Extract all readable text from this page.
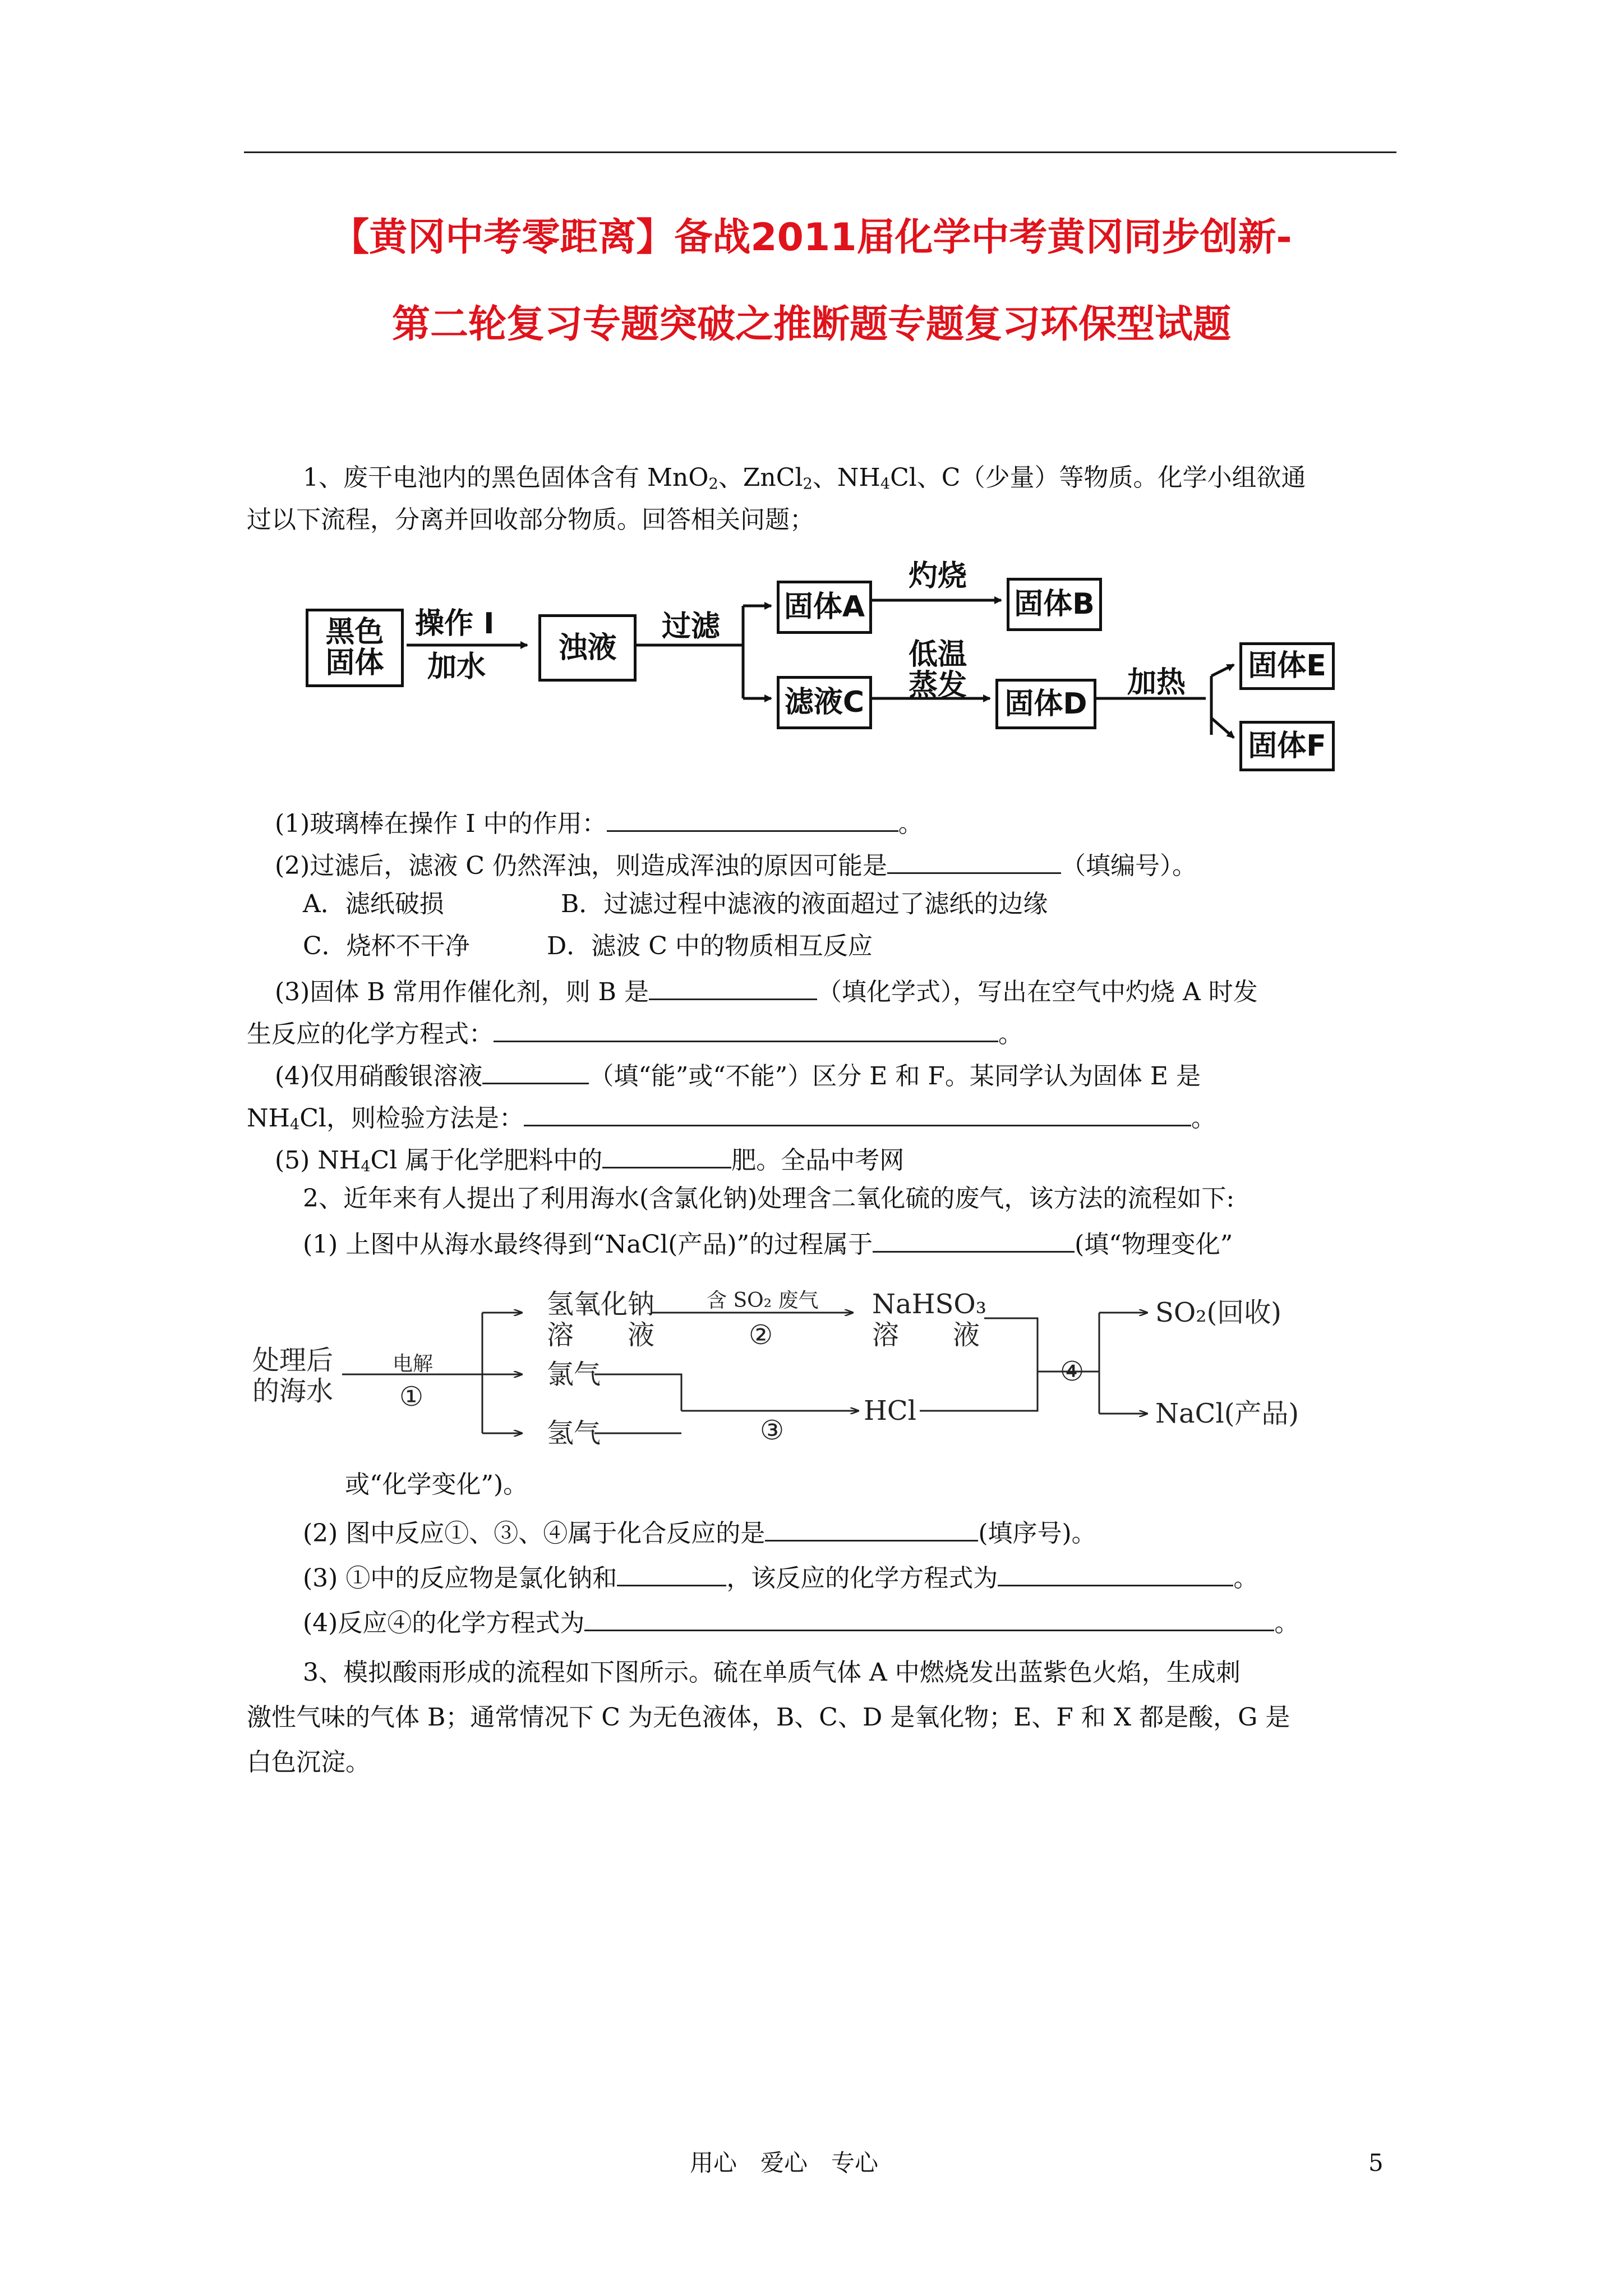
【黄冈中考零距离】备战2011届化学中考黄冈同步创新-
第二轮复习专题突破之推断题专题复习环保型试题
1、废干电池内的黑色固体含有 MnO$_2$、ZnCl$_2$、$NH_4Cl$、C（少量）等物质。化学小组欲通
过以下流程，分离并回收部分物质。回答相关问题；
黑色
固体
操作 I
加水
浊液
过滤
固体A
灼烧
固体B
滤液C
低温
蒸发
固体D
加热 固体E
固体F
(1)玻璃棒在操作 I 中的作用：	。
(2)过滤后，滤液 C 仍然浑浊，则造成浑浊的原因可能是	（填编号）。
A．滤纸破损	B．过滤过程中滤液的液面超过了滤纸的边缘
C．烧杯不干净	D．滤波 C 中的物质相互反应
(3)固体 B 常用作催化剂，则 B 是	（填化学式），写出在空气中灼烧 A 时发
生反应的化学方程式：	。
(4)仅用硝酸银溶液	（填“能”或“不能”）区分 E 和 F。某同学认为固体 E 是
$NH_4Cl$，则检验方法是：	。
(5) $NH_4Cl$ 属于化学肥料中的	肥。全品中考网
2、近年来有人提出了利用海水(含氯化钠)处理含二氧化硫的废气，该方法的流程如下:
(1) 上图中从海水最终得到“NaCl(产品)”的过程属于	(填“物理变化”
处理后
的海水
电解
①
氢氧化钠
溶　　液
含 SO₂ 废气
②
NaHSO₃
溶　　液
氯气
氢气	③
HCl
④
SO₂(回收)
NaCl(产品)
或“化学变化”)。
(2) 图中反应①、③、④属于化合反应的是	(填序号)。
(3) ①中的反应物是氯化钠和	，该反应的化学方程式为	。
(4)反应④的化学方程式为	。
3、模拟酸雨形成的流程如下图所示。硫在单质气体 A 中燃烧发出蓝紫色火焰，生成刺
激性气味的气体 B；通常情况下 C 为无色液体，B、C、D 是氧化物；E、F 和 X 都是酸，G 是
白色沉淀。
用心　爱心　专心	5
